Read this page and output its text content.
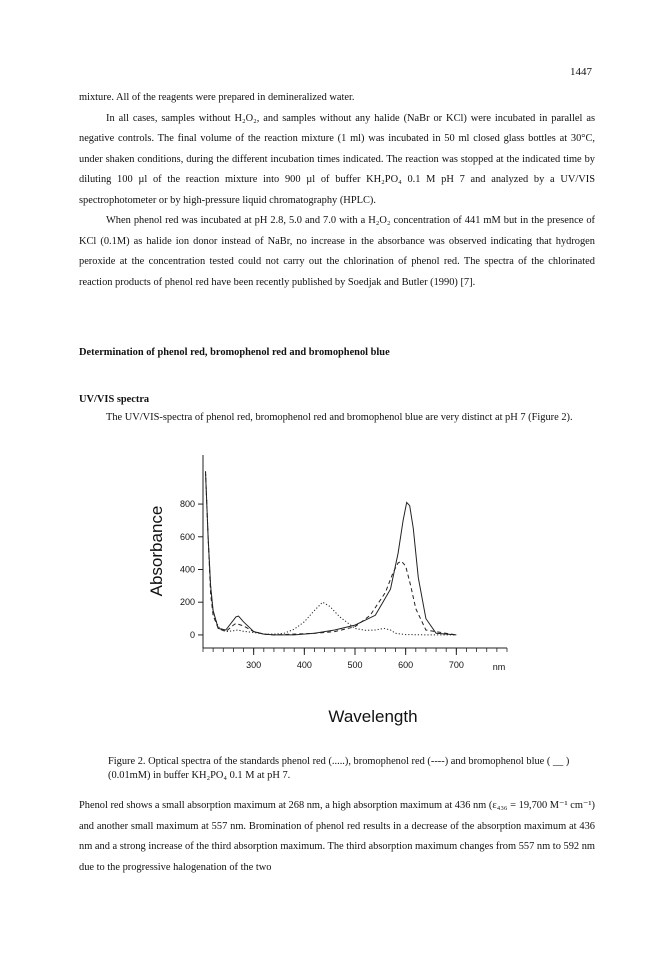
1447

mixture. All of the reagents were prepared in demineralized water.

In all cases, samples without H₂O₂, and samples without any halide (NaBr or KCl) were incubated in parallel as negative controls. The final volume of the reaction mixture (1 ml) was incubated in 50 ml closed glass bottles at 30°C, under shaken conditions, during the different incubation times indicated. The reaction was stopped at the indicated time by diluting 100 µl of the reaction mixture into 900 µl of buffer KH₂PO₄ 0.1 M pH 7 and analyzed by a UV/VIS spectrophotometer or by high-pressure liquid chromatography (HPLC).

When phenol red was incubated at pH 2.8, 5.0 and 7.0 with a H₂O₂ concentration of 441 mM but in the presence of KCl (0.1M) as halide ion donor instead of NaBr, no increase in the absorbance was observed indicating that hydrogen peroxide at the concentration tested could not carry out the chlorination of phenol red. The spectra of the chlorinated reaction products of phenol red have been recently published by Soedjak and Butler (1990) [7].

Determination of phenol red, bromophenol red and bromophenol blue
UV/VIS spectra

The UV/VIS-spectra of phenol red, bromophenol red and bromophenol blue are very distinct at pH 7 (Figure 2).

300	400	500	600	700	nm
0
200
400
600
800
Wavelength
Absorbance
Figure 2. Optical spectra of the standards phenol red (.....), bromophenol red (----) and bromophenol blue ( __ ) (0.01mM) in buffer KH₂PO₄ 0.1 M at pH 7.

Phenol red shows a small absorption maximum at 268 nm, a high absorption maximum at 436 nm (ε₄₃₆ = 19,700 M⁻¹ cm⁻¹) and another small maximum at 557 nm. Bromination of phenol red results in a decrease of the absorption maximum at 436 nm and a strong increase of the third absorption maximum. The third absorption maximum changes from 557 nm to 592 nm due to the progressive halogenation of the two
